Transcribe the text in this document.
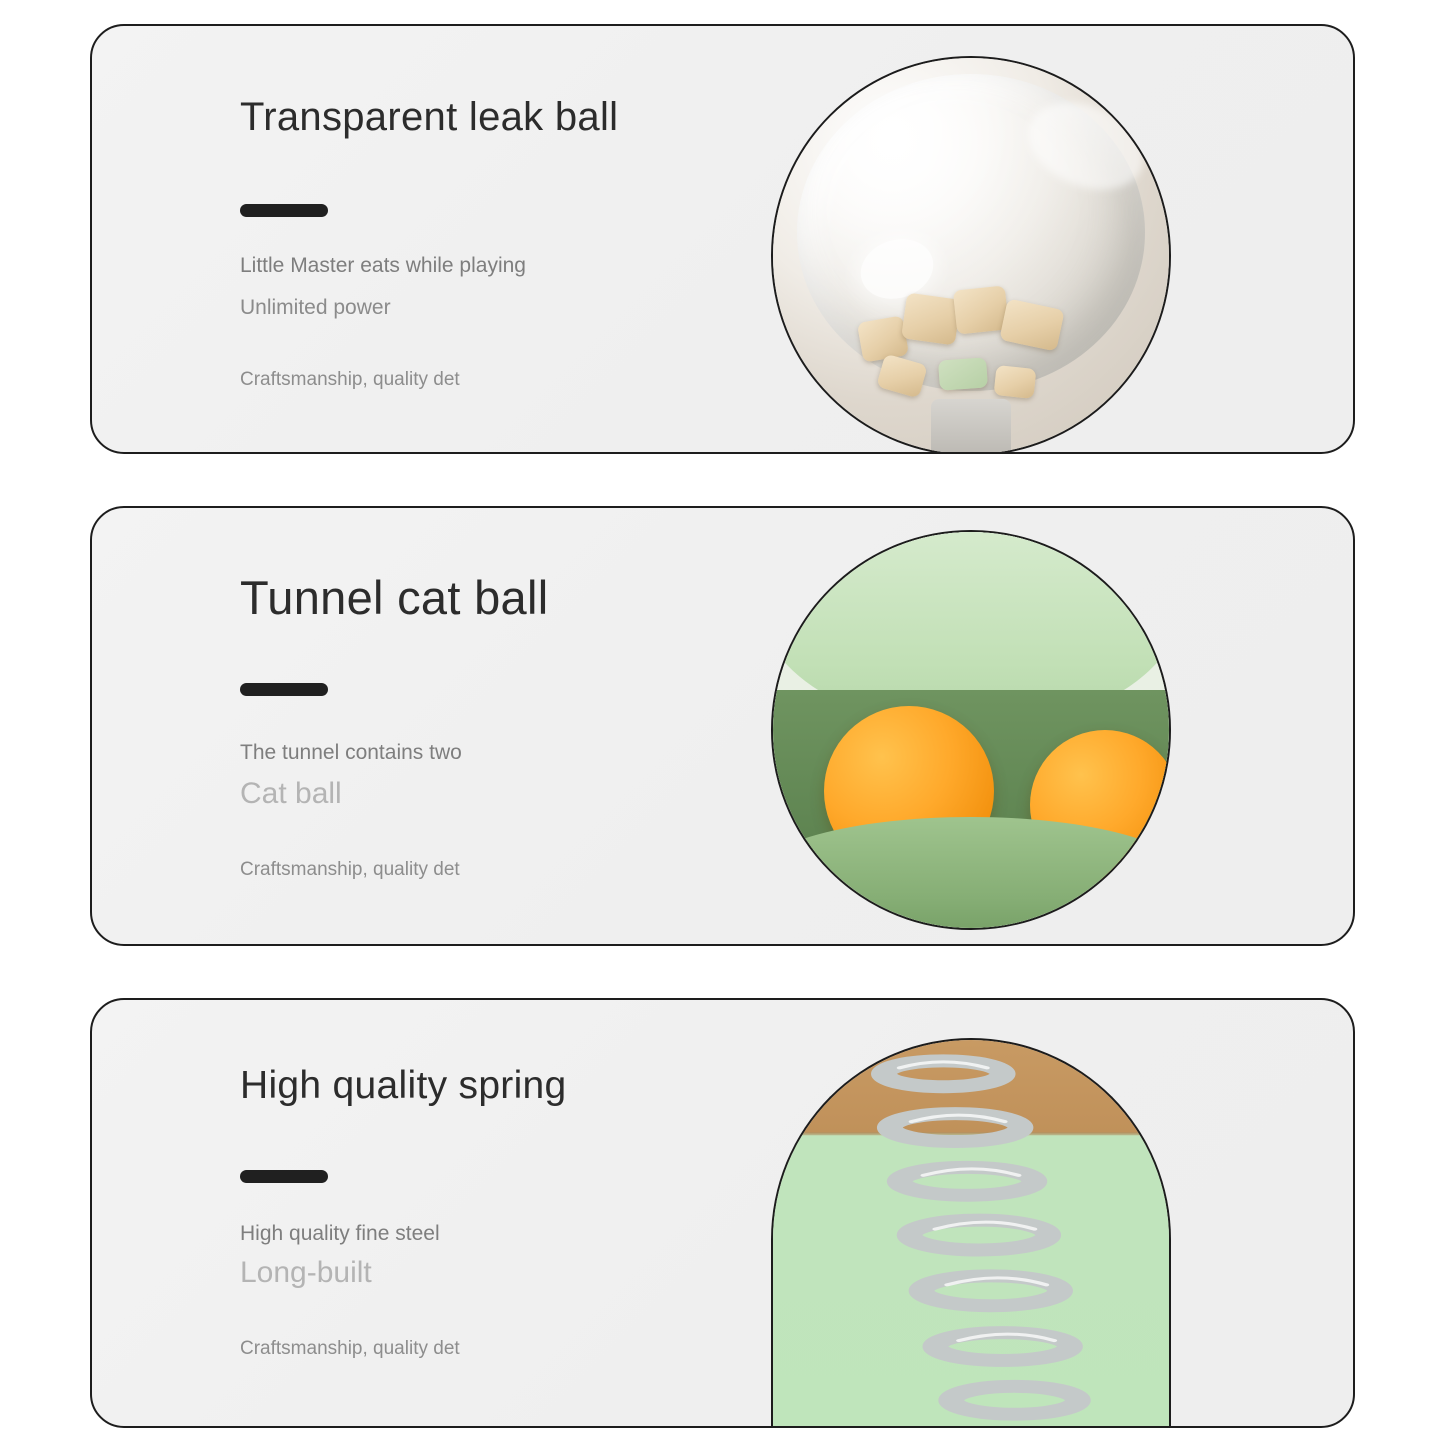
Transparent leak ball
Little Master eats while playing
Unlimited power
Craftsmanship, quality det
Tunnel cat ball
The tunnel contains two
Cat ball
Craftsmanship, quality det
High quality spring
High quality fine steel
Long-built
Craftsmanship, quality det
